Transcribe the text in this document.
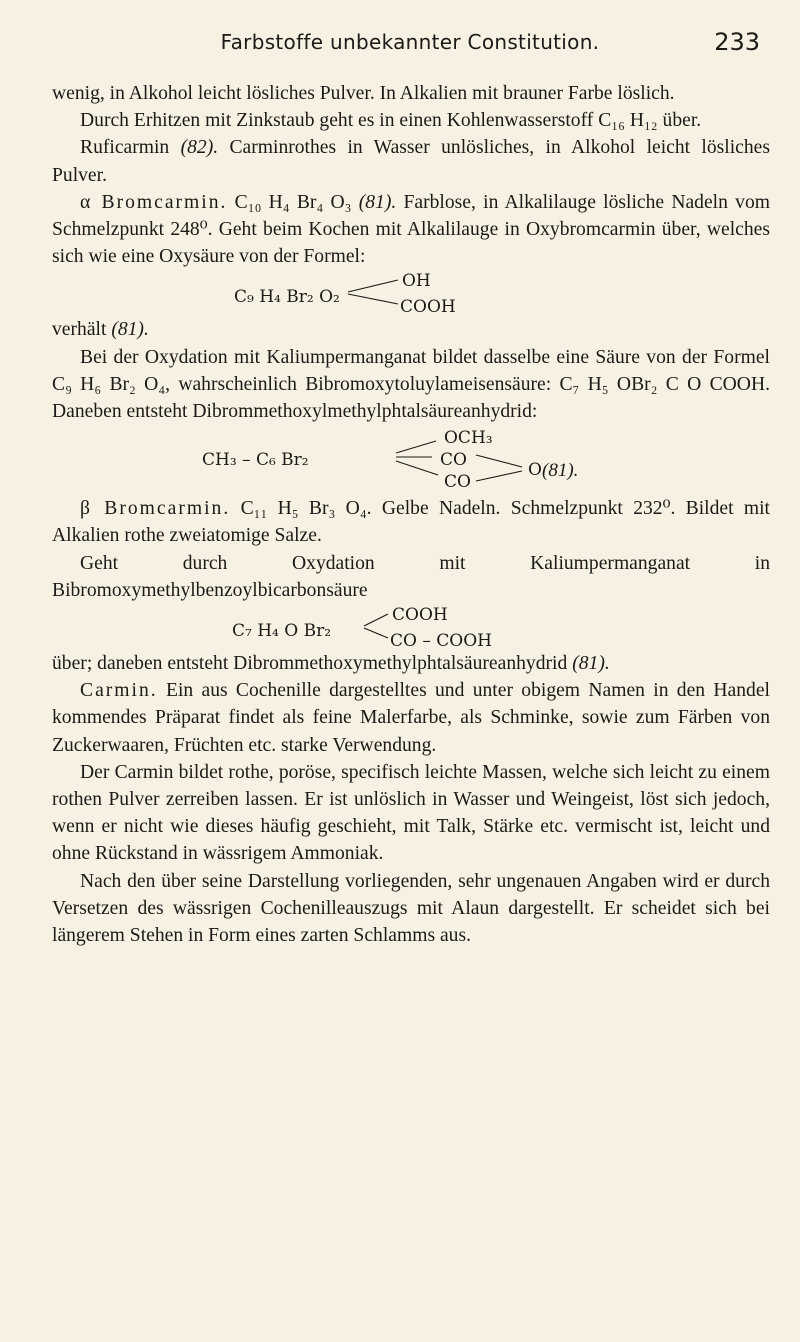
Farbstoffe unbekannter Constitution.	233

wenig, in Alkohol leicht lösliches Pulver. In Alkalien mit brauner Farbe löslich.

Durch Erhitzen mit Zinkstaub geht es in einen Kohlenwasserstoff C₁₆ H₁₂ über.

Ruficarmin (82). Carminrothes in Wasser unlösliches, in Alkohol leicht lösliches Pulver.

α Bromcarmin. C₁₀ H₄ Br₄ O₃ (81). Farblose, in Alkalilauge lösliche Nadeln vom Schmelzpunkt 248⁰. Geht beim Kochen mit Alkalilauge in Oxybromcarmin über, welches sich wie eine Oxysäure von der Formel:

C₉ H₄ Br₂ O₂
OH
COOH

verhält (81).

Bei der Oxydation mit Kaliumpermanganat bildet dasselbe eine Säure von der Formel C₉ H₆ Br₂ O₄, wahrscheinlich Bibromoxytoluylameisensäure: C₇ H₅ OBr₂ C O COOH. Daneben entsteht Dibrommethoxylmethylphtalsäureanhydrid:

OCH₃
CH₃ – C₆ Br₂	CO
CO
O (81).

β Bromcarmin. C₁₁ H₅ Br₃ O₄. Gelbe Nadeln. Schmelzpunkt 232⁰. Bildet mit Alkalien rothe zweiatomige Salze.

Geht durch Oxydation mit Kaliumpermanganat in Bibromoxymethylbenzoylbicarbonsäure

C₇ H₄ O Br₂
COOH
CO – COOH

über; daneben entsteht Dibrommethoxymethylphtalsäureanhydrid (81).

Carmin. Ein aus Cochenille dargestelltes und unter obigem Namen in den Handel kommendes Präparat findet als feine Malerfarbe, als Schminke, sowie zum Färben von Zuckerwaaren, Früchten etc. starke Verwendung.

Der Carmin bildet rothe, poröse, specifisch leichte Massen, welche sich leicht zu einem rothen Pulver zerreiben lassen. Er ist unlöslich in Wasser und Weingeist, löst sich jedoch, wenn er nicht wie dieses häufig geschieht, mit Talk, Stärke etc. vermischt ist, leicht und ohne Rückstand in wässrigem Ammoniak.

Nach den über seine Darstellung vorliegenden, sehr ungenauen Angaben wird er durch Versetzen des wässrigen Cochenilleauszugs mit Alaun dargestellt. Er scheidet sich bei längerem Stehen in Form eines zarten Schlamms aus.
